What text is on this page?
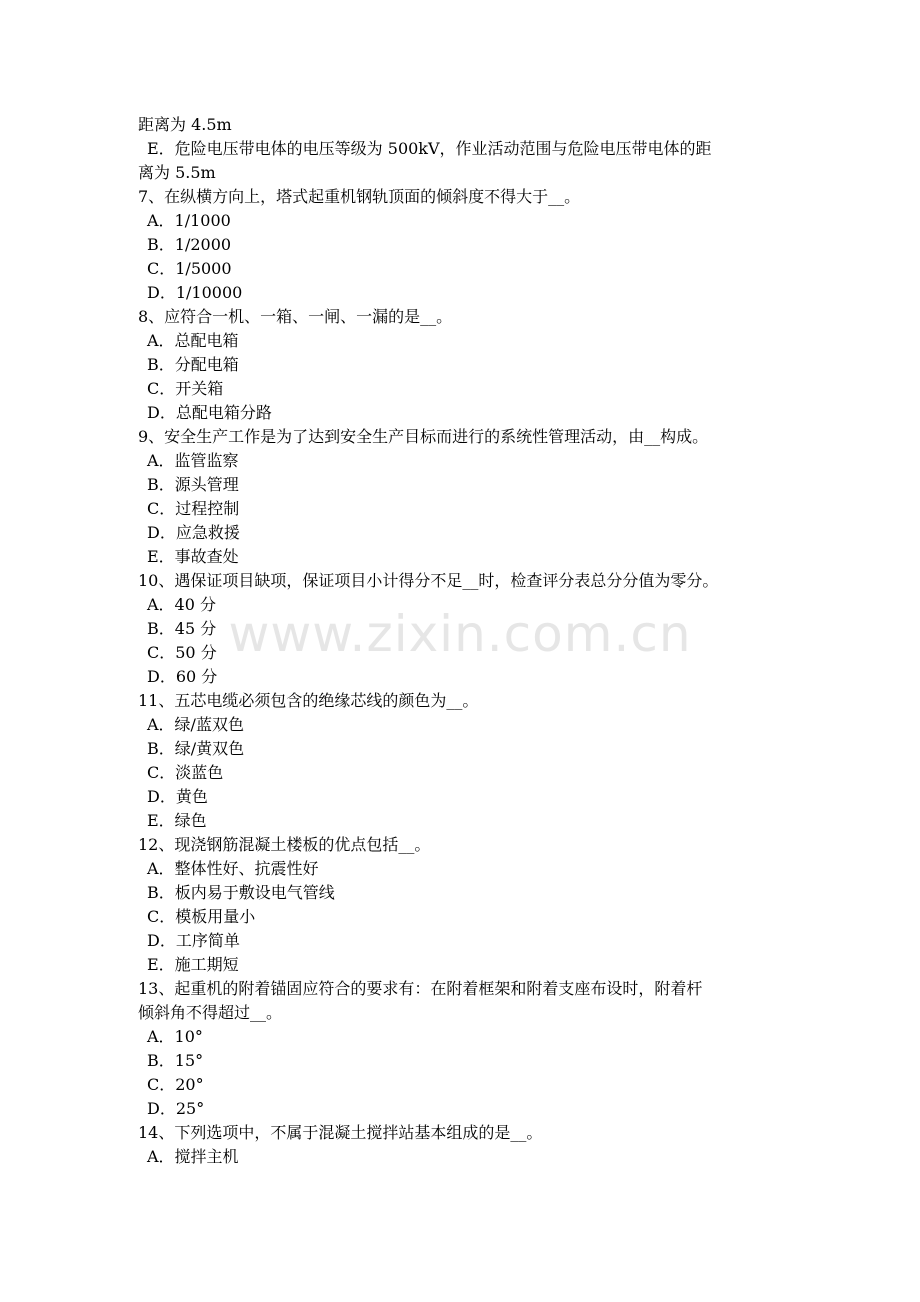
距离为 4.5m
E．危险电压带电体的电压等级为 500kV，作业活动范围与危险电压带电体的距
离为 5.5m
7、在纵横方向上，塔式起重机钢轨顶面的倾斜度不得大于__。
A．1/1000
B．1/2000
C．1/5000
D．1/10000
8、应符合一机、一箱、一闸、一漏的是__。
A．总配电箱
B．分配电箱
C．开关箱
D．总配电箱分路
9、安全生产工作是为了达到安全生产目标而进行的系统性管理活动，由__构成。
A．监管监察
B．源头管理
C．过程控制
D．应急救援
E．事故查处
10、遇保证项目缺项，保证项目小计得分不足__时，检查评分表总分分值为零分。
A．40 分
B．45 分
C．50 分
D．60 分
11、五芯电缆必须包含的绝缘芯线的颜色为__。
A．绿/蓝双色
B．绿/黄双色
C．淡蓝色
D．黄色
E．绿色
12、现浇钢筋混凝土楼板的优点包括__。
A．整体性好、抗震性好
B．板内易于敷设电气管线
C．模板用量小
D．工序简单
E．施工期短
13、起重机的附着锚固应符合的要求有：在附着框架和附着支座布设时，附着杆
倾斜角不得超过__。
A．10°
B．15°
C．20°
D．25°
14、下列选项中，不属于混凝土搅拌站基本组成的是__。
A．搅拌主机
www.zixin.com.cn
